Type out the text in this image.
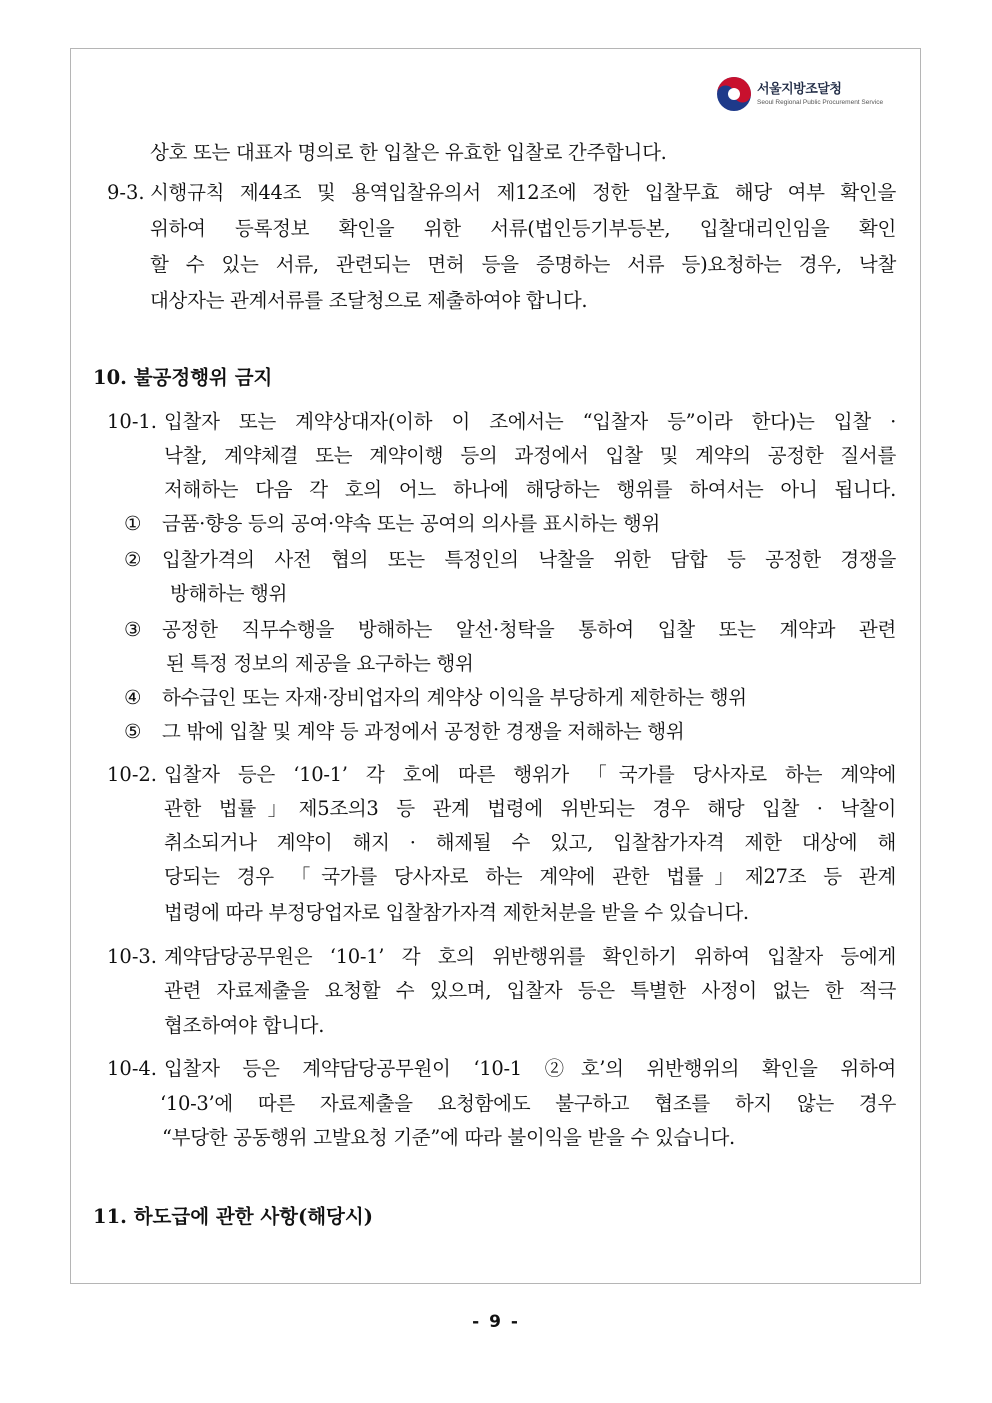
서울지방조달청
Seoul Regional Public Procurement Service
상호 또는 대표자 명의로 한 입찰은 유효한 입찰로 간주합니다.
9-3. 시행규칙 제44조 및 용역입찰유의서 제12조에 정한 입찰무효 해당 여부 확인을
위하여 등록정보 확인을 위한 서류(법인등기부등본, 입찰대리인임을 확인
할 수 있는 서류, 관련되는 면허 등을 증명하는 서류 등)요청하는 경우, 낙찰
대상자는 관계서류를 조달청으로 제출하여야 합니다.
10. 불공정행위 금지
10-1. 입찰자 또는 계약상대자(이하 이 조에서는 “입찰자 등”이라 한다)는 입찰 ·
낙찰, 계약체결 또는 계약이행 등의 과정에서 입찰 및 계약의 공정한 질서를
저해하는 다음 각 호의 어느 하나에 해당하는 행위를 하여서는 아니 됩니다.
① 금품·향응 등의 공여·약속 또는 공여의 의사를 표시하는 행위
② 입찰가격의 사전 협의 또는 특정인의 낙찰을 위한 담합 등 공정한 경쟁을
방해하는 행위
③ 공정한 직무수행을 방해하는 알선·청탁을 통하여 입찰 또는 계약과 관련
된 특정 정보의 제공을 요구하는 행위
④ 하수급인 또는 자재·장비업자의 계약상 이익을 부당하게 제한하는 행위
⑤ 그 밖에 입찰 및 계약 등 과정에서 공정한 경쟁을 저해하는 행위
10-2. 입찰자 등은 ‘10-1’ 각 호에 따른 행위가 「국가를 당사자로 하는 계약에
관한 법률」제5조의3 등 관계 법령에 위반되는 경우 해당 입찰 · 낙찰이
취소되거나 계약이 해지 · 해제될 수 있고, 입찰참가자격 제한 대상에 해
당되는 경우 「국가를 당사자로 하는 계약에 관한 법률」제27조 등 관계
법령에 따라 부정당업자로 입찰참가자격 제한처분을 받을 수 있습니다.
10-3. 계약담당공무원은 ‘10-1’ 각 호의 위반행위를 확인하기 위하여 입찰자 등에게
관련 자료제출을 요청할 수 있으며, 입찰자 등은 특별한 사정이 없는 한 적극
협조하여야 합니다.
10-4. 입찰자 등은 계약담당공무원이 ‘10-1 ②호’의 위반행위의 확인을 위하여
‘10-3’에 따른 자료제출을 요청함에도 불구하고 협조를 하지 않는 경우
“부당한 공동행위 고발요청 기준”에 따라 불이익을 받을 수 있습니다.
11. 하도급에 관한 사항(해당시)
- 9 -
